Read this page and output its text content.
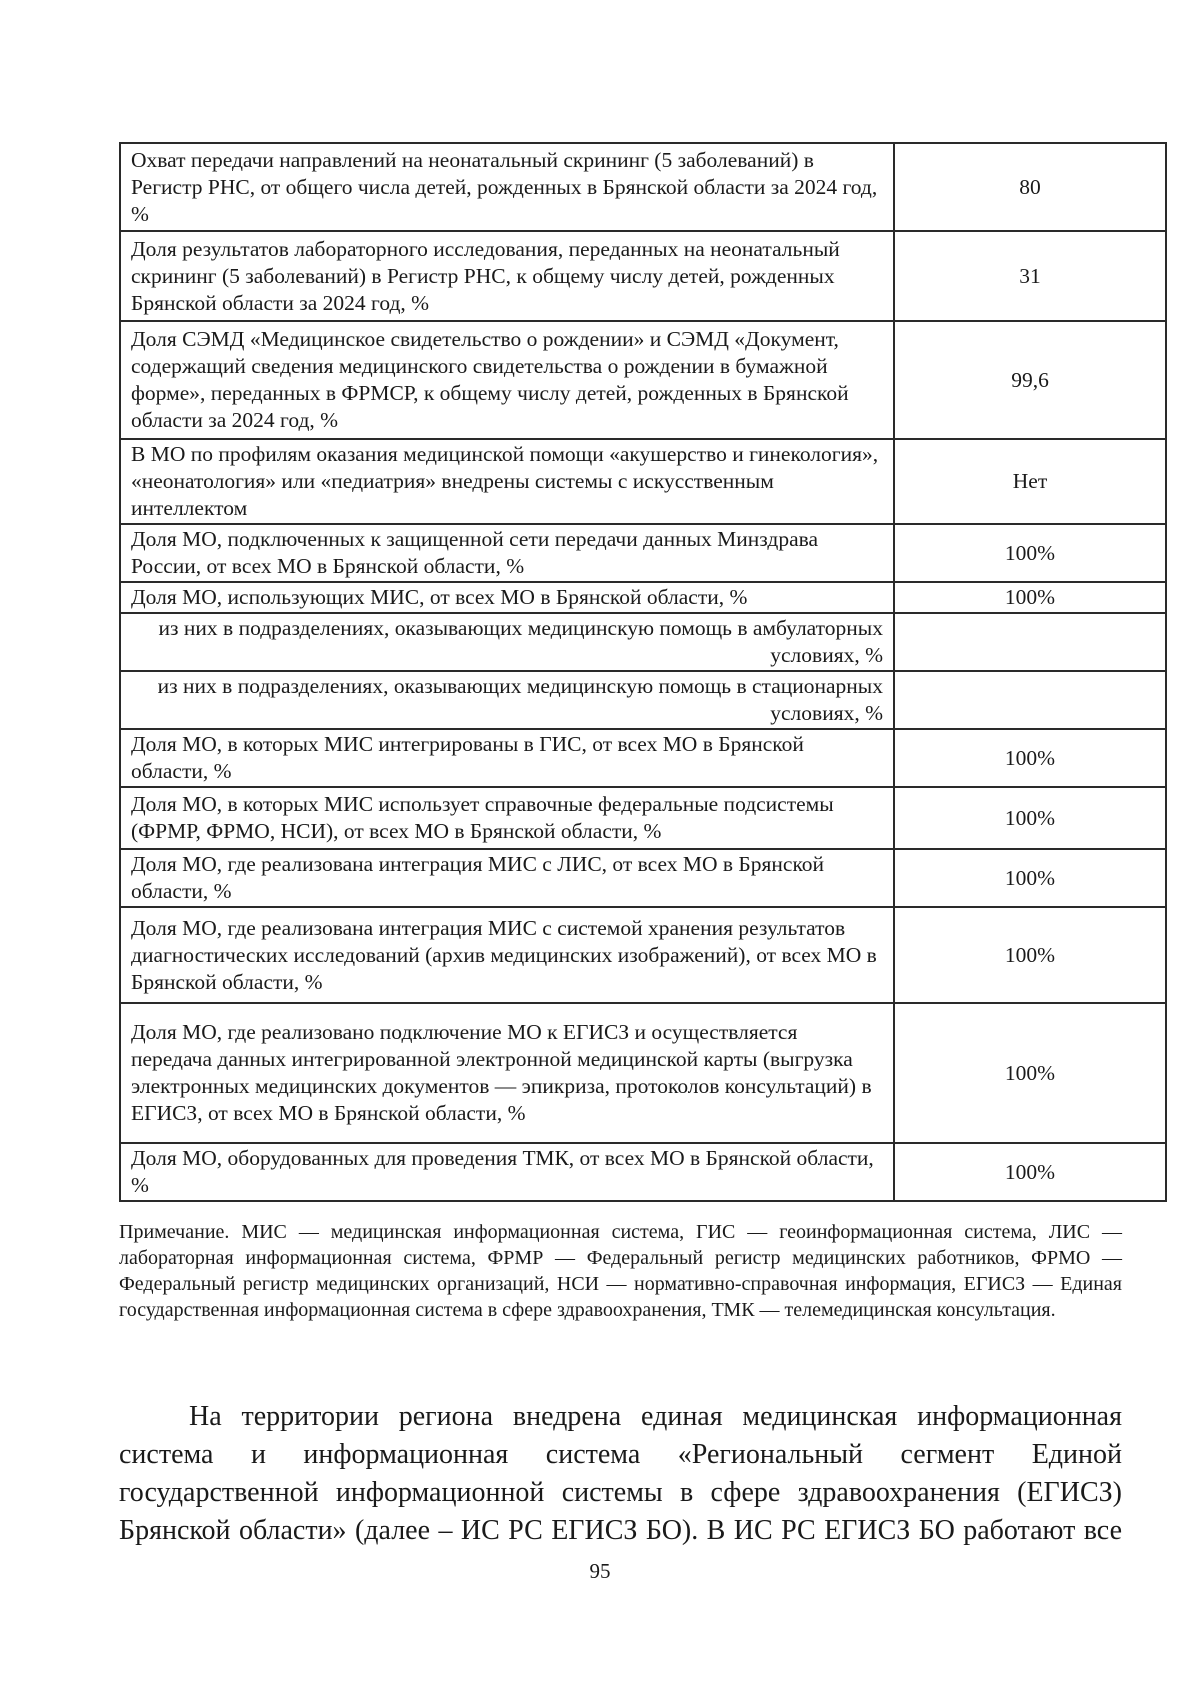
Охват передачи направлений на неонатальный скрининг (5 заболеваний) в Регистр РНС, от общего числа детей, рожденных в Брянской области за 2024 год, %	80
Доля результатов лабораторного исследования, переданных на неонатальный скрининг (5 заболеваний) в Регистр РНС, к общему числу детей, рожденных Брянской области за 2024 год, %	31
Доля СЭМД «Медицинское свидетельство о рождении» и СЭМД «Документ, содержащий сведения медицинского свидетельства о рождении в бумажной форме», переданных в ФРМСР, к общему числу детей, рожденных в Брянской области за 2024 год, %	99,6
В МО по профилям оказания медицинской помощи «акушерство и гинекология», «неонатология» или «педиатрия» внедрены системы с искусственным интеллектом	Нет
Доля МО, подключенных к защищенной сети передачи данных Минздрава России, от всех МО в Брянской области, %	100%
Доля МО, использующих МИС, от всех МО в Брянской области, %	100%
из них в подразделениях, оказывающих медицинскую помощь в амбулаторных условиях, %	
из них в подразделениях, оказывающих медицинскую помощь в стационарных условиях, %	
Доля МО, в которых МИС интегрированы в ГИС, от всех МО в Брянской области, %	100%
Доля МО, в которых МИС использует справочные федеральные подсистемы (ФРМР, ФРМО, НСИ), от всех МО в Брянской области, %	100%
Доля МО, где реализована интеграция МИС с ЛИС, от всех МО в Брянской области, %	100%
Доля МО, где реализована интеграция МИС с системой хранения результатов диагностических исследований (архив медицинских изображений), от всех МО в Брянской области, %	100%
Доля МО, где реализовано подключение МО к ЕГИСЗ и осуществляется передача данных интегрированной электронной медицинской карты (выгрузка электронных медицинских документов — эпикриза, протоколов консультаций) в ЕГИСЗ, от всех МО в Брянской области, %	100%
Доля МО, оборудованных для проведения ТМК, от всех МО в Брянской области, %	100%
Примечание. МИС — медицинская информационная система, ГИС — геоинформационная система, ЛИС — лабораторная информационная система, ФРМР — Федеральный регистр медицинских работников, ФРМО — Федеральный регистр медицинских организаций, НСИ — нормативно-справочная информация, ЕГИСЗ — Единая государственная информационная система в сфере здравоохранения, ТМК — телемедицинская консультация.
На территории региона внедрена единая медицинская информационная система и информационная система «Региональный сегмент Единой государственной информационной системы в сфере здравоохранения (ЕГИСЗ) Брянской области» (далее – ИС РС ЕГИСЗ БО). В ИС РС ЕГИСЗ БО работают все
95
